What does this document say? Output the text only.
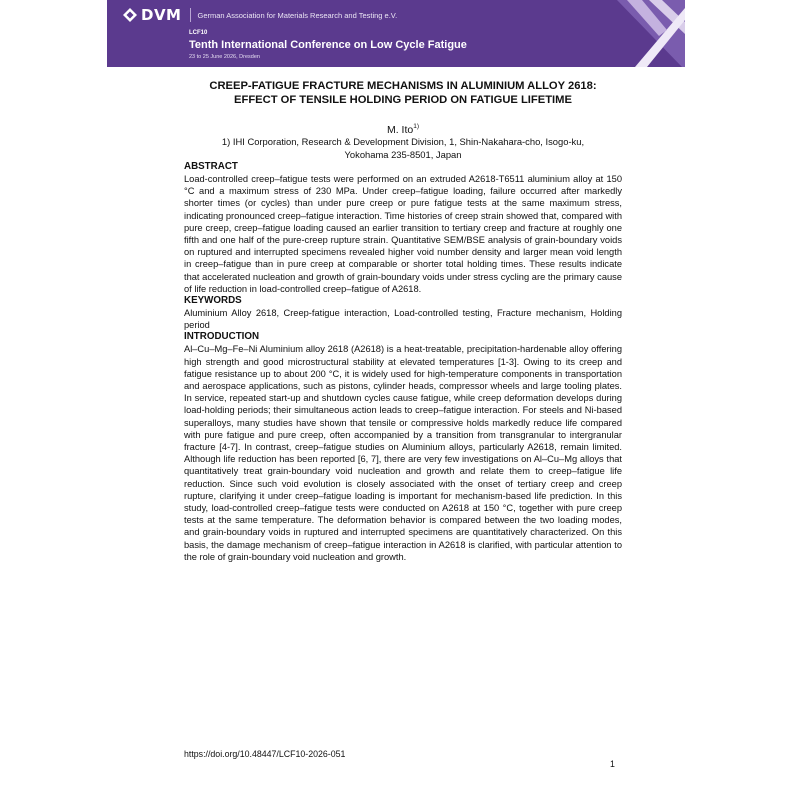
DVM German Association for Materials Research and Testing e.V.
LCF10
Tenth International Conference on Low Cycle Fatigue
23 to 25 June 2026, Dresden
CREEP-FATIGUE FRACTURE MECHANISMS IN ALUMINIUM ALLOY 2618:
EFFECT OF TENSILE HOLDING PERIOD ON FATIGUE LIFETIME
M. Ito$^{1)}$
1) IHI Corporation, Research & Development Division, 1, Shin-Nakahara-cho, Isogo-ku,
Yokohama 235-8501, Japan
ABSTRACT

Load-controlled creep–fatigue tests were performed on an extruded A2618-T6511 aluminium alloy at 150 °C and a maximum stress of 230 MPa. Under creep–fatigue loading, failure occurred after markedly shorter times (or cycles) than under pure creep or pure fatigue tests at the same maximum stress, indicating pronounced creep–fatigue interaction. Time histories of creep strain showed that, compared with pure creep, creep–fatigue loading caused an earlier transition to tertiary creep and fracture at roughly one fifth and one half of the pure-creep rupture strain. Quantitative SEM/BSE analysis of grain-boundary voids on ruptured and interrupted specimens revealed higher void number density and larger mean void length in creep–fatigue than in pure creep at comparable or shorter total holding times. These results indicate that accelerated nucleation and growth of grain-boundary voids under stress cycling are the primary cause of life reduction in load-controlled creep–fatigue of A2618.

KEYWORDS

Aluminium Alloy 2618, Creep-fatigue interaction, Load-controlled testing, Fracture mechanism, Holding period

INTRODUCTION

Al–Cu–Mg–Fe–Ni Aluminium alloy 2618 (A2618) is a heat-treatable, precipitation-hardenable alloy offering high strength and good microstructural stability at elevated temperatures [1-3]. Owing to its creep and fatigue resistance up to about 200 °C, it is widely used for high-temperature components in transportation and aerospace applications, such as pistons, cylinder heads, compressor wheels and large tooling plates. In service, repeated start-up and shutdown cycles cause fatigue, while creep deformation develops during load-holding periods; their simultaneous action leads to creep–fatigue interaction. For steels and Ni-based superalloys, many studies have shown that tensile or compressive holds markedly reduce life compared with pure fatigue and pure creep, often accompanied by a transition from transgranular to intergranular fracture [4-7]. In contrast, creep–fatigue studies on Aluminium alloys, particularly A2618, remain limited. Although life reduction has been reported [6, 7], there are very few investigations on Al–Cu–Mg alloys that quantitatively treat grain-boundary void nucleation and growth and relate them to creep–fatigue life reduction. Since such void evolution is closely associated with the onset of tertiary creep and creep rupture, clarifying it under creep–fatigue loading is important for mechanism-based life prediction. In this study, load-controlled creep–fatigue tests were conducted on A2618 at 150 °C, together with pure creep tests at the same temperature. The deformation behavior is compared between the two loading modes, and grain-boundary voids in ruptured and interrupted specimens are quantitatively characterized. On this basis, the damage mechanism of creep–fatigue interaction in A2618 is clarified, with particular attention to the role of grain-boundary void nucleation and growth.

https://doi.org/10.48447/LCF10-2026-051
1
